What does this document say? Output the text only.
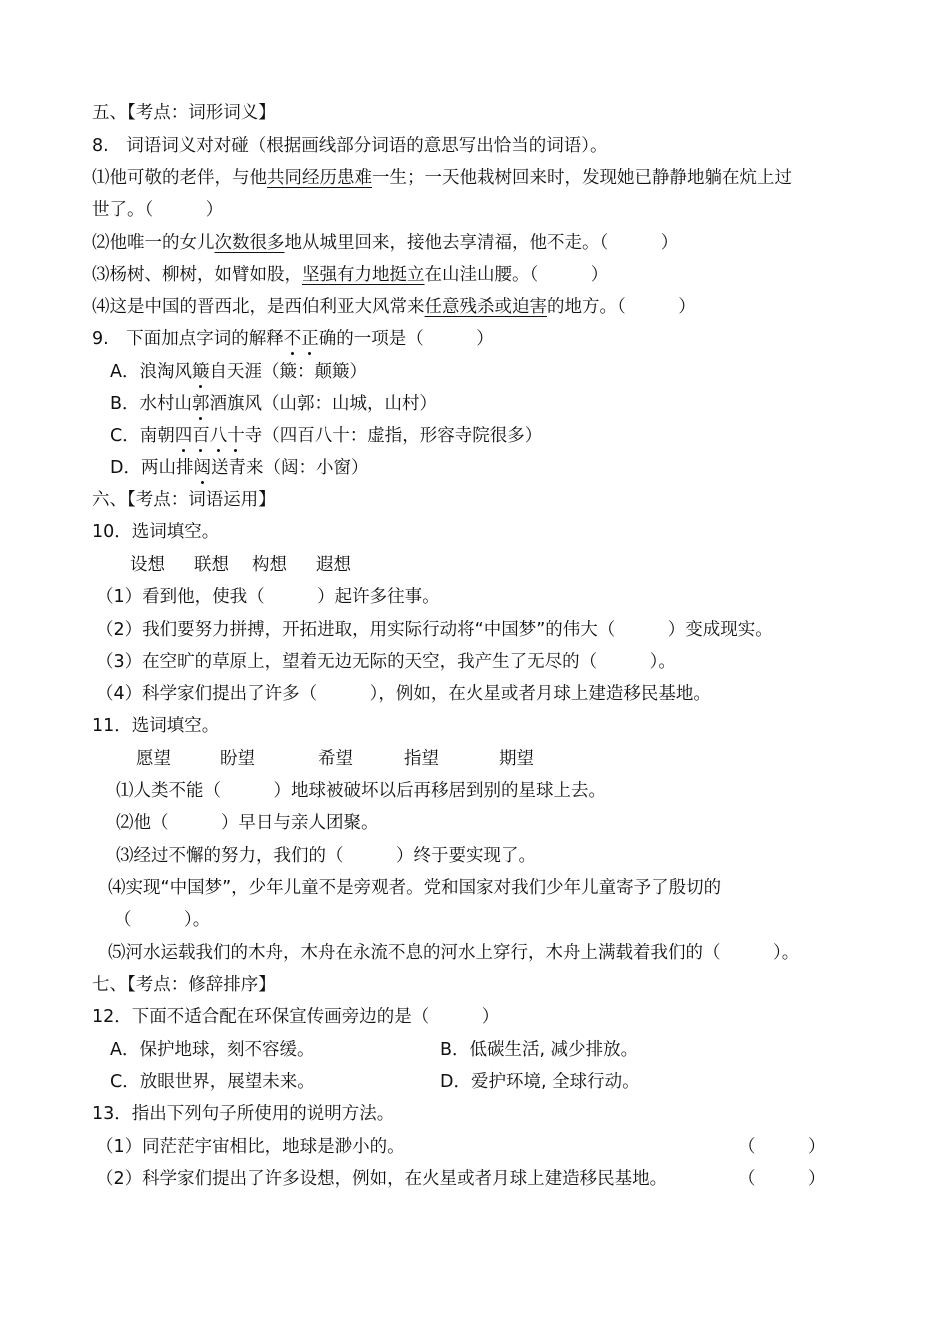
五、【考点：词形词义】
8.　词语词义对对碰（根据画线部分词语的意思写出恰当的词语）。
⑴他可敬的老伴，与他共同经历患难一生；一天他栽树回来时，发现她已静静地躺在炕上过
世了。（　　　）
⑵他唯一的女儿次数很多地从城里回来，接他去享清福，他不走。（　　　）
⑶杨树、柳树，如臂如股，坚强有力地挺立在山洼山腰。（　　　）
⑷这是中国的晋西北，是西伯利亚大风常来任意残杀或迫害的地方。（　　　）
9.　下面加点字词的解释不正确的一项是（　　　）
A．浪淘风簸自天涯（簸：颠簸）
B．水村山郭酒旗风（山郭：山城，山村）
C．南朝四百八十寺（四百八十：虚指，形容寺院很多）
D．两山排闼送青来（闼：小窗）
六、【考点：词语运用】
10．选词填空。
设想 联想 构想 遐想
（1）看到他，使我（　　　）起许多往事。
（2）我们要努力拼搏，开拓进取，用实际行动将“中国梦”的伟大（　　　）变成现实。
（3）在空旷的草原上，望着无边无际的天空，我产生了无尽的（　　　）。
（4）科学家们提出了许多（　　　），例如，在火星或者月球上建造移民基地。
11．选词填空。
愿望	盼望	希望	指望	期望
⑴人类不能（　　　）地球被破坏以后再移居到别的星球上去。
⑵他（　　　）早日与亲人团聚。
⑶经过不懈的努力，我们的（　　　）终于要实现了。
⑷实现“中国梦”，少年儿童不是旁观者。党和国家对我们少年儿童寄予了殷切的
（　　　）。
⑸河水运载我们的木舟，木舟在永流不息的河水上穿行，木舟上满载着我们的（　　　）。
七、【考点：修辞排序】
12．下面不适合配在环保宣传画旁边的是（　　　）
A．保护地球，刻不容缓。	B．低碳生活, 减少排放。
C．放眼世界，展望未来。	D．爱护环境, 全球行动。
13．指出下列句子所使用的说明方法。
（1）同茫茫宇宙相比，地球是渺小的。	（　　　）
（2）科学家们提出了许多设想，例如，在火星或者月球上建造移民基地。	（　　　）
